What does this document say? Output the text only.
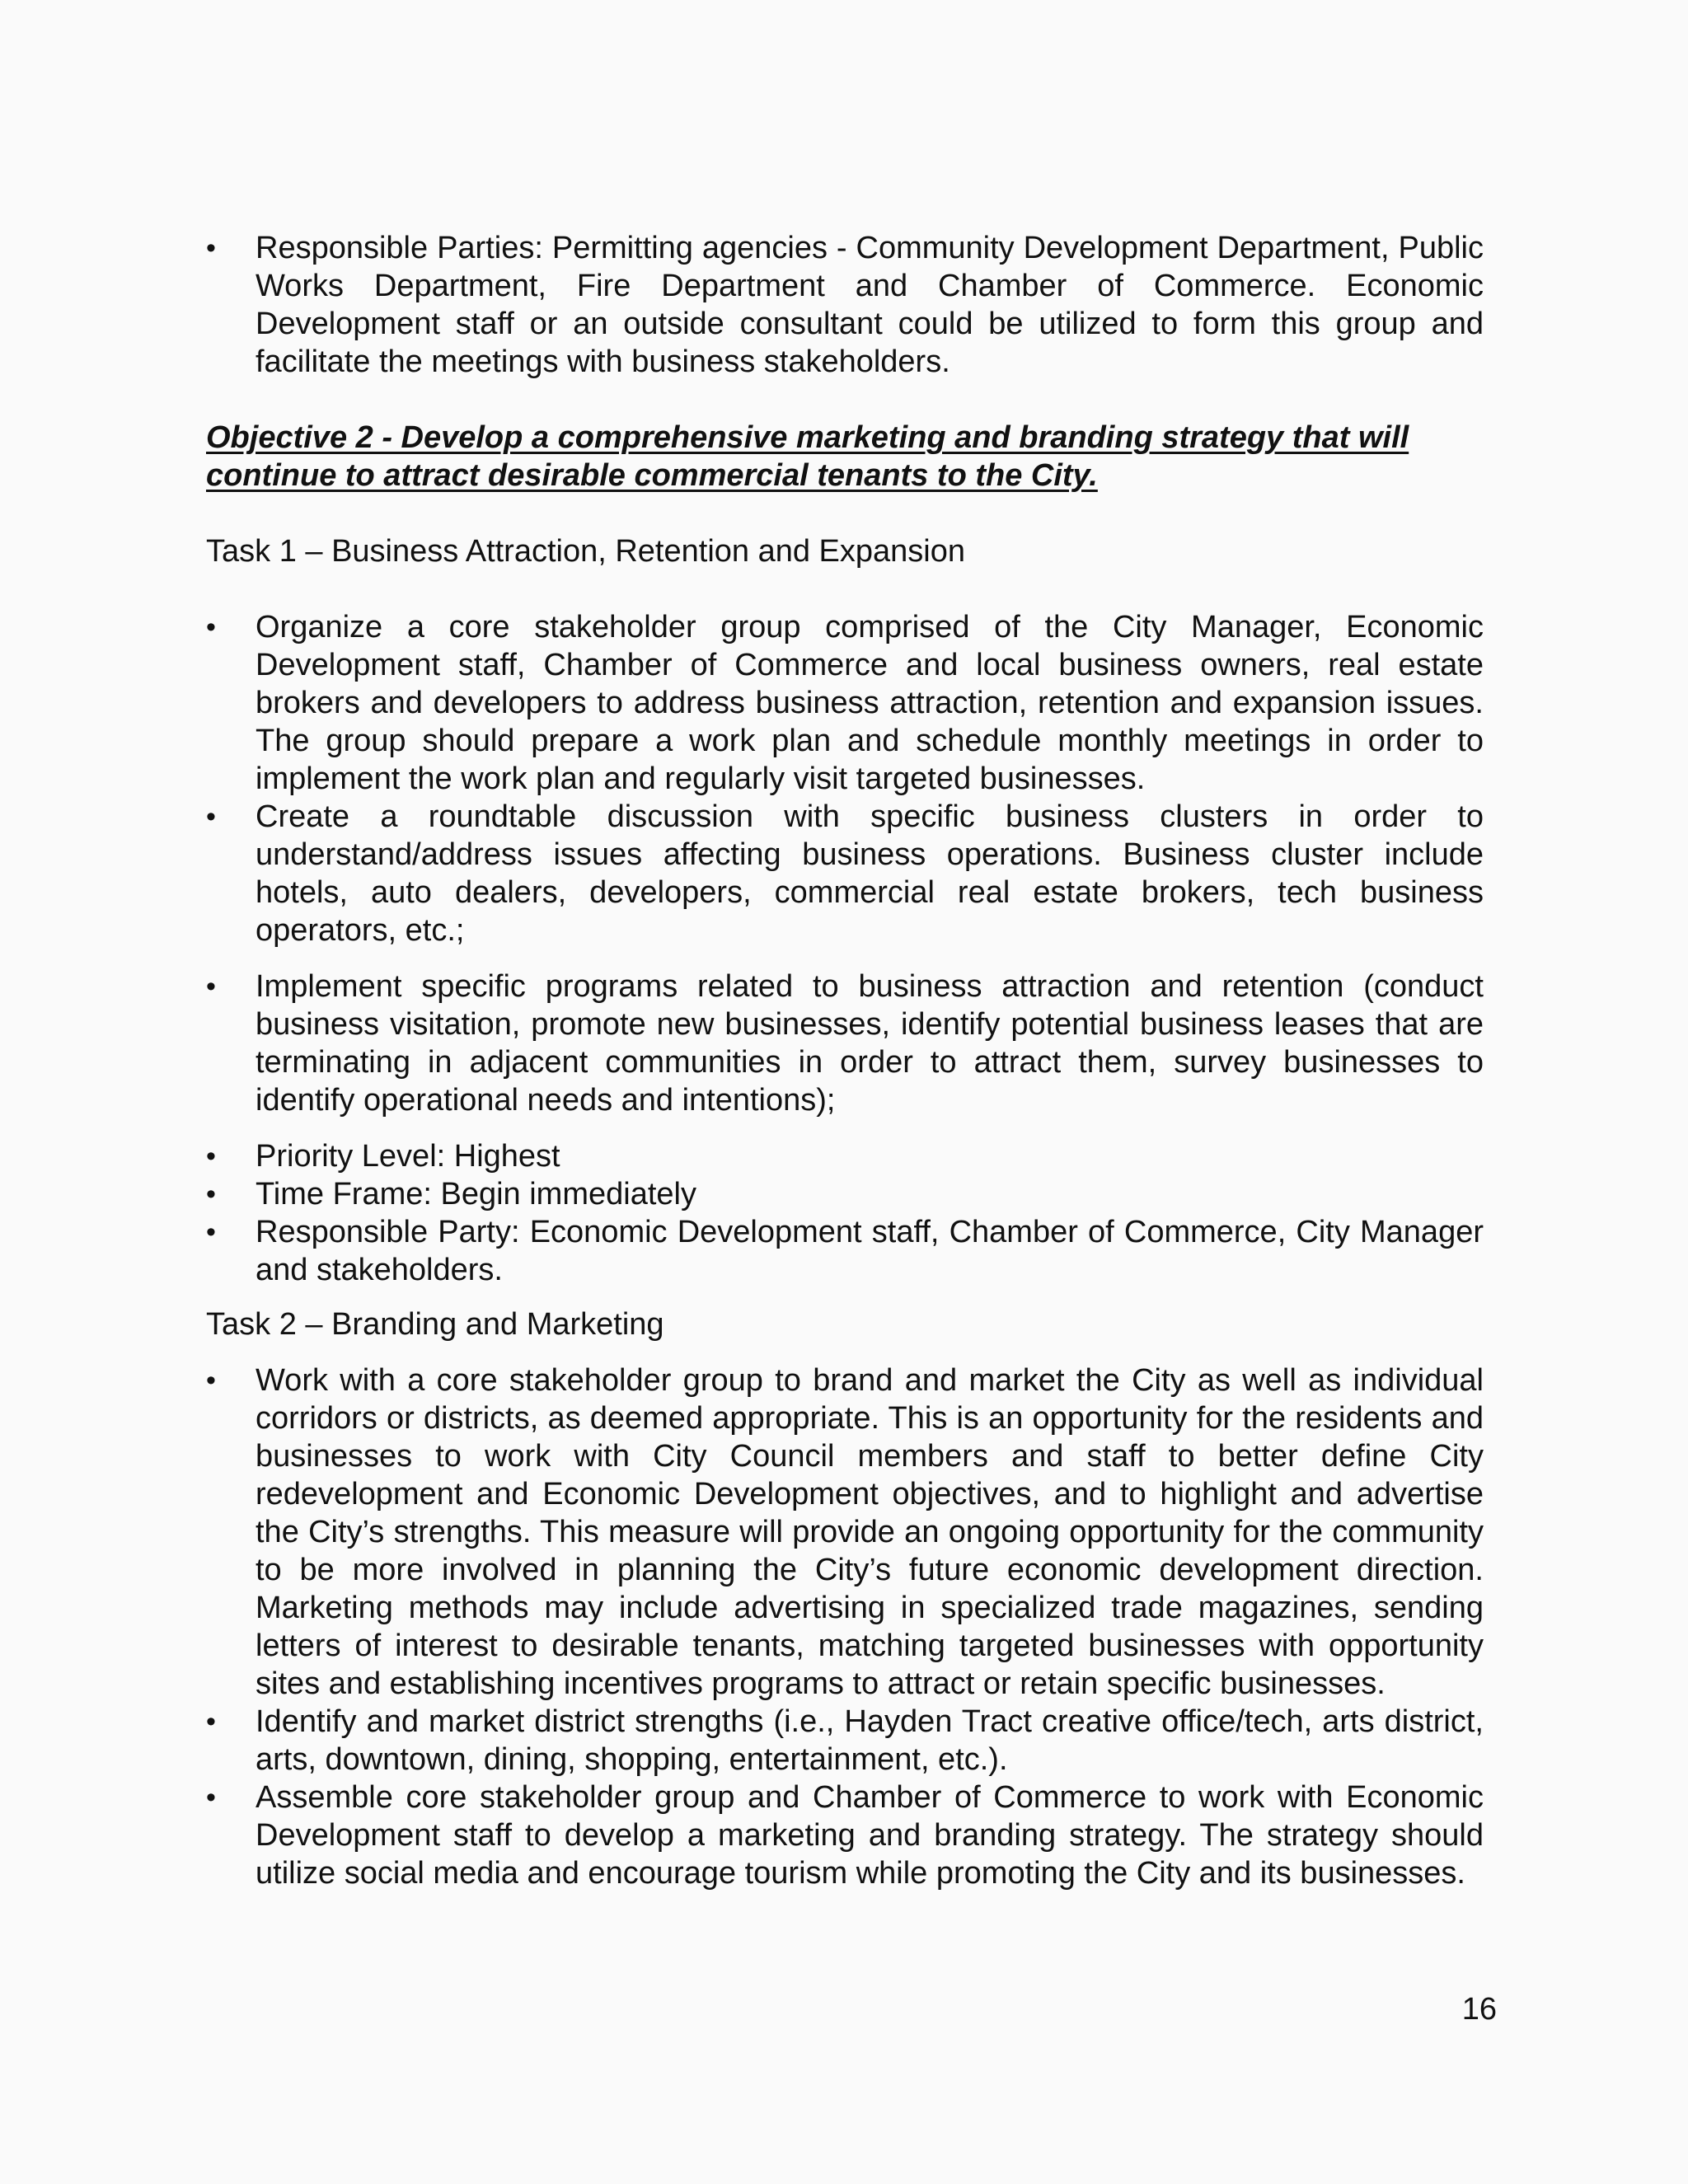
• Responsible Parties: Permitting agencies - Community Development Department, Public Works Department, Fire Department and Chamber of Commerce. Economic Development staff or an outside consultant could be utilized to form this group and facilitate the meetings with business stakeholders.
Objective 2 - Develop a comprehensive marketing and branding strategy that will continue to attract desirable commercial tenants to the City.
Task 1 – Business Attraction, Retention and Expansion
• Organize a core stakeholder group comprised of the City Manager, Economic Development staff, Chamber of Commerce and local business owners, real estate brokers and developers to address business attraction, retention and expansion issues. The group should prepare a work plan and schedule monthly meetings in order to implement the work plan and regularly visit targeted businesses.
• Create a roundtable discussion with specific business clusters in order to understand/address issues affecting business operations. Business cluster include hotels, auto dealers, developers, commercial real estate brokers, tech business operators, etc.;
• Implement specific programs related to business attraction and retention (conduct business visitation, promote new businesses, identify potential business leases that are terminating in adjacent communities in order to attract them, survey businesses to identify operational needs and intentions);
• Priority Level: Highest
• Time Frame: Begin immediately
• Responsible Party: Economic Development staff, Chamber of Commerce, City Manager and stakeholders.
Task 2 – Branding and Marketing
• Work with a core stakeholder group to brand and market the City as well as individual corridors or districts, as deemed appropriate. This is an opportunity for the residents and businesses to work with City Council members and staff to better define City redevelopment and Economic Development objectives, and to highlight and advertise the City’s strengths. This measure will provide an ongoing opportunity for the community to be more involved in planning the City’s future economic development direction. Marketing methods may include advertising in specialized trade magazines, sending letters of interest to desirable tenants, matching targeted businesses with opportunity sites and establishing incentives programs to attract or retain specific businesses.
• Identify and market district strengths (i.e., Hayden Tract creative office/tech, arts district, arts, downtown, dining, shopping, entertainment, etc.).
• Assemble core stakeholder group and Chamber of Commerce to work with Economic Development staff to develop a marketing and branding strategy. The strategy should utilize social media and encourage tourism while promoting the City and its businesses.
16
